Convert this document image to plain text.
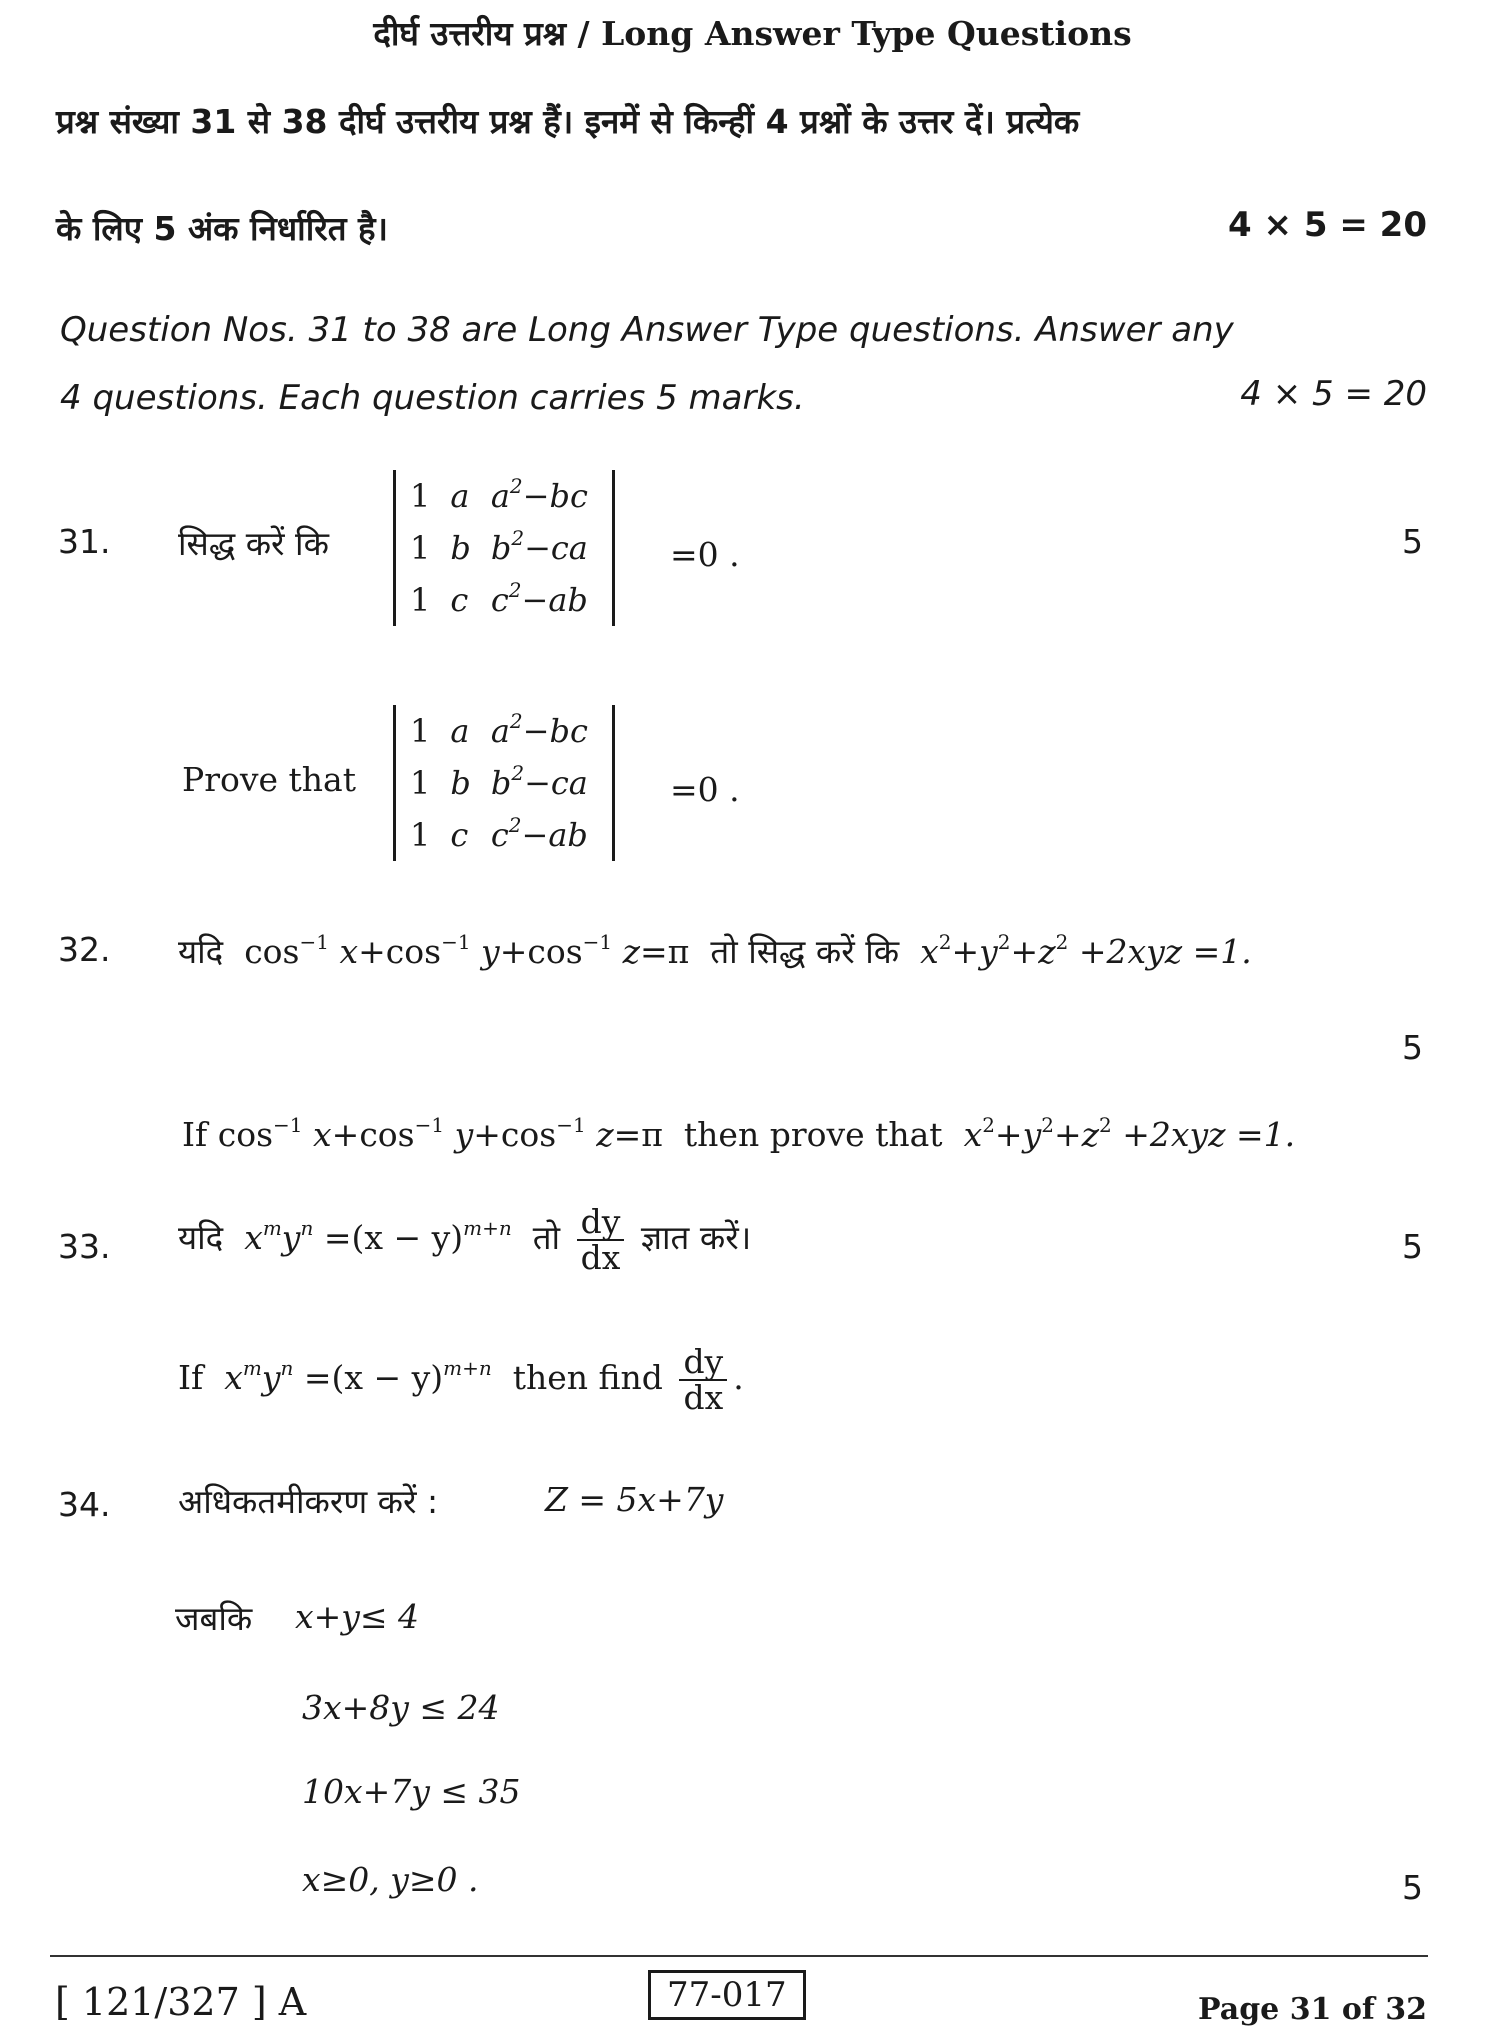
दीर्घ उत्तरीय प्रश्न / Long Answer Type Questions
प्रश्न संख्या 31 से 38 दीर्घ उत्तरीय प्रश्न हैं। इनमें से किन्हीं 4 प्रश्नों के उत्तर दें। प्रत्येक
के लिए 5 अंक निर्धारित है।	4 × 5 = 20
Question Nos. 31 to 38 are Long Answer Type questions. Answer any
4 questions. Each question carries 5 marks.	4 × 5 = 20
31. सिद्ध करें कि
1	a	$a^2-bc$
1	b	$b^2-ca$
1	c	$c^2-ab$
=0 .	5
Prove that
1	a	$a^2-bc$
1	b	$b^2-ca$
1	c	$c^2-ab$
=0 .
32. यदि $\cos^{-1} x+\cos^{-1}$ $y+\cos^{-1}$ z=π तो सिद्ध करें कि $x^2+y^2+z^2 +2xyz =1$.
5
If $\cos^{-1} x+\cos^{-1}$ $y+\cos^{-1}$ z=π then prove that $x^2+y^2+z^2 +2xyz =1$.
33. यदि $x^my^n =(x - y)^{m+n}$ तो $\frac{dy}{dx}$ ज्ञात करें।	5
If $x^my^n =(x - y)^{m+n}$ then find $\frac{dy}{dx}$ .
34. अधिकतमीकरण करें :	Z = 5x+7y
जबकि x+y≤ 4
3x+8y ≤ 24
10x+7y ≤ 35
x≥0, y≥0 .	5
[ 121/327 ] A	77-017	Page 31 of 32
